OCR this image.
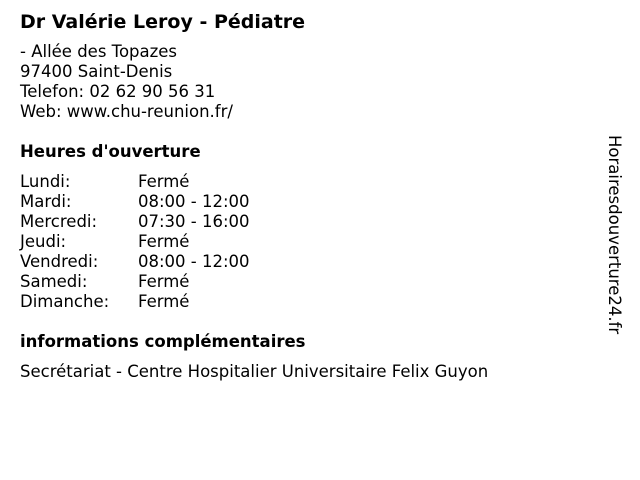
Dr Valérie Leroy - Pédiatre
- Allée des Topazes
97400 Saint-Denis
Telefon: 02 62 90 56 31
Web: www.chu-reunion.fr/
Heures d'ouverture
Lundi:	Fermé
Mardi:	08:00 - 12:00
Mercredi:	07:30 - 16:00
Jeudi:	Fermé
Vendredi:	08:00 - 12:00
Samedi:	Fermé
Dimanche:	Fermé
informations complémentaires
Secrétariat - Centre Hospitalier Universitaire Felix Guyon
Horairesdouverture24.fr
